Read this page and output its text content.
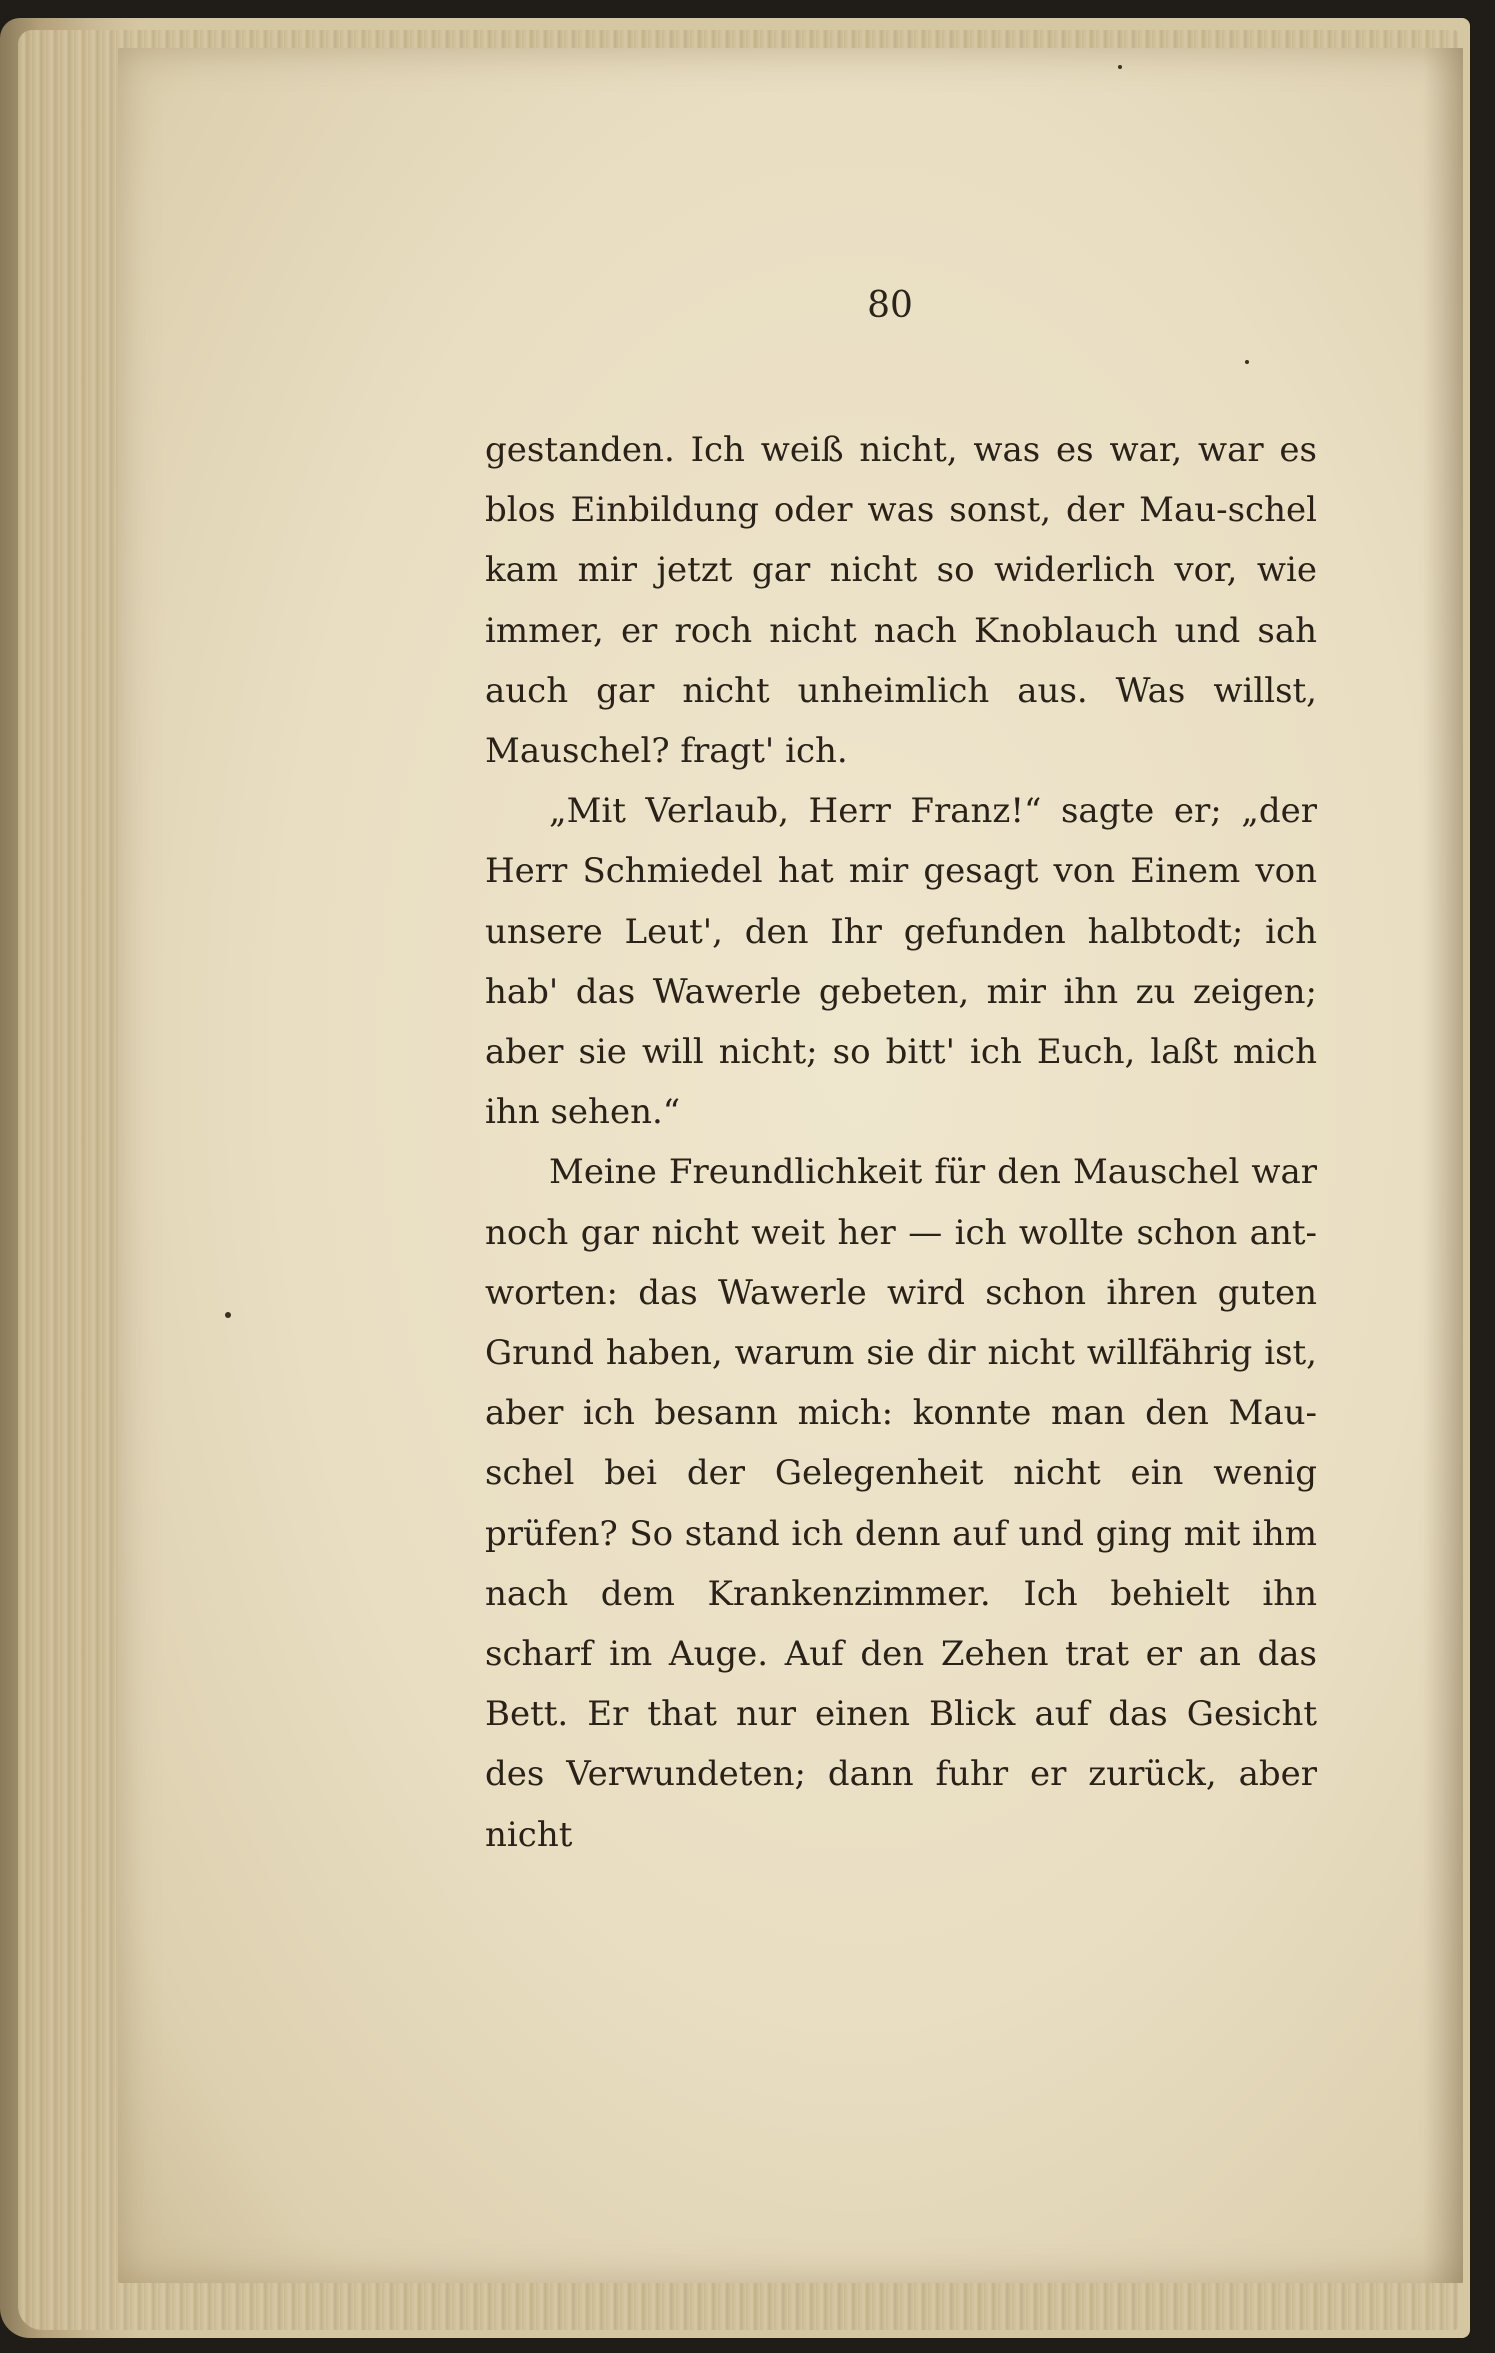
80

gestanden. Ich weiß nicht, was es war, war es blos Einbildung oder was sonst, der Mau-schel kam mir jetzt gar nicht so widerlich vor, wie immer, er roch nicht nach Knoblauch und sah auch gar nicht unheimlich aus. Was willst, Mauschel? fragt' ich.

„Mit Verlaub, Herr Franz!“ sagte er; „der Herr Schmiedel hat mir gesagt von Einem von unsere Leut', den Ihr gefunden halbtodt; ich hab' das Wawerle gebeten, mir ihn zu zeigen; aber sie will nicht; so bitt' ich Euch, laßt mich ihn sehen.“

Meine Freundlichkeit für den Mauschel war noch gar nicht weit her — ich wollte schon ant-worten: das Wawerle wird schon ihren guten Grund haben, warum sie dir nicht willfährig ist, aber ich besann mich: konnte man den Mau-schel bei der Gelegenheit nicht ein wenig prüfen? So stand ich denn auf und ging mit ihm nach dem Krankenzimmer. Ich behielt ihn scharf im Auge. Auf den Zehen trat er an das Bett. Er that nur einen Blick auf das Gesicht des Verwundeten; dann fuhr er zurück, aber nicht
